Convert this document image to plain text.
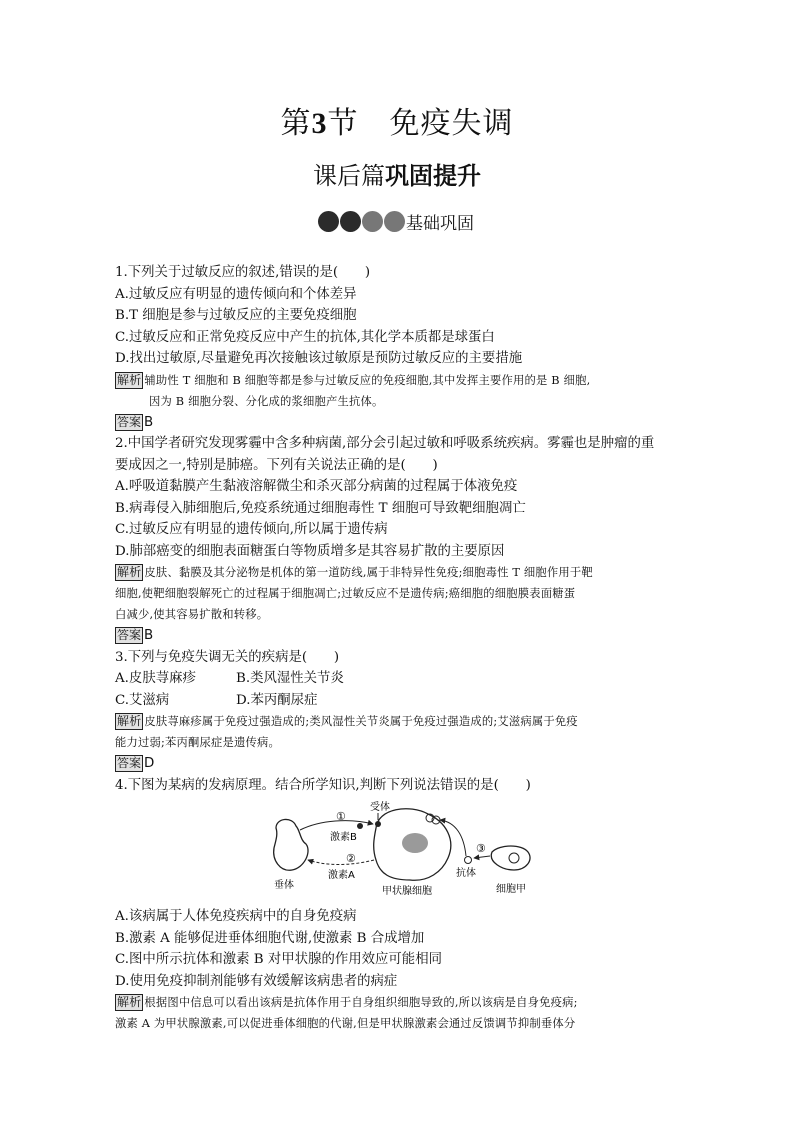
第3节　免疫失调
课后篇巩固提升
基础巩固
1.下列关于过敏反应的叙述,错误的是(　　)
A.过敏反应有明显的遗传倾向和个体差异
B.T 细胞是参与过敏反应的主要免疫细胞
C.过敏反应和正常免疫反应中产生的抗体,其化学本质都是球蛋白
D.找出过敏原,尽量避免再次接触该过敏原是预防过敏反应的主要措施
解析 辅助性 T 细胞和 B 细胞等都是参与过敏反应的免疫细胞,其中发挥主要作用的是 B 细胞,
因为 B 细胞分裂、分化成的浆细胞产生抗体。
答案 B
2.中国学者研究发现雾霾中含多种病菌,部分会引起过敏和呼吸系统疾病。雾霾也是肿瘤的重
要成因之一,特别是肺癌。下列有关说法正确的是(　　)
A.呼吸道黏膜产生黏液溶解微尘和杀灭部分病菌的过程属于体液免疫
B.病毒侵入肺细胞后,免疫系统通过细胞毒性 T 细胞可导致靶细胞凋亡
C.过敏反应有明显的遗传倾向,所以属于遗传病
D.肺部癌变的细胞表面糖蛋白等物质增多是其容易扩散的主要原因
解析 皮肤、黏膜及其分泌物是机体的第一道防线,属于非特异性免疫;细胞毒性 T 细胞作用于靶
细胞,使靶细胞裂解死亡的过程属于细胞凋亡;过敏反应不是遗传病;癌细胞的细胞膜表面糖蛋
白减少,使其容易扩散和转移。
答案 B
3.下列与免疫失调无关的疾病是(　　)
A.皮肤荨麻疹	B.类风湿性关节炎
C.艾滋病	D.苯丙酮尿症
解析 皮肤荨麻疹属于免疫过强造成的;类风湿性关节炎属于免疫过强造成的;艾滋病属于免疫
能力过弱;苯丙酮尿症是遗传病。
答案 D
4.下图为某病的发病原理。结合所学知识,判断下列说法错误的是(　　)
垂体
甲状腺细胞
受体
①
激素B
②
激素A
细胞甲
③
抗体
A.该病属于人体免疫疾病中的自身免疫病
B.激素 A 能够促进垂体细胞代谢,使激素 B 合成增加
C.图中所示抗体和激素 B 对甲状腺的作用效应可能相同
D.使用免疫抑制剂能够有效缓解该病患者的病症
解析 根据图中信息可以看出该病是抗体作用于自身组织细胞导致的,所以该病是自身免疫病;
激素 A 为甲状腺激素,可以促进垂体细胞的代谢,但是甲状腺激素会通过反馈调节抑制垂体分
